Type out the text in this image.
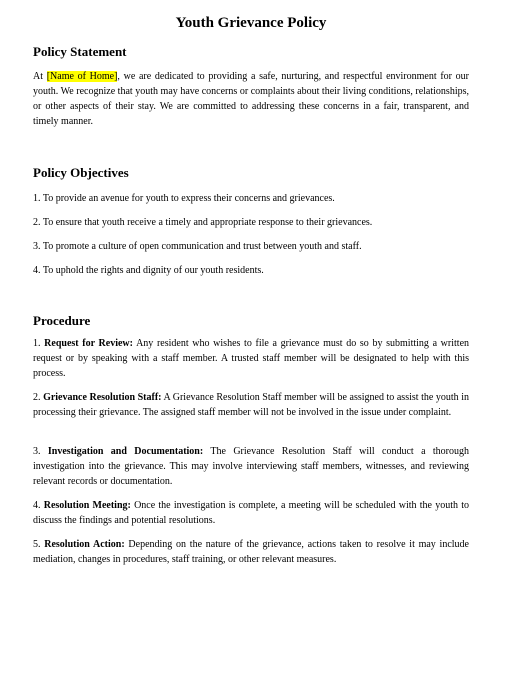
Youth Grievance Policy
Policy Statement

At [Name of Home], we are dedicated to providing a safe, nurturing, and respectful environment for our youth. We recognize that youth may have concerns or complaints about their living conditions, relationships, or other aspects of their stay. We are committed to addressing these concerns in a fair, transparent, and timely manner.

Policy Objectives

1. To provide an avenue for youth to express their concerns and grievances.

2. To ensure that youth receive a timely and appropriate response to their grievances.

3. To promote a culture of open communication and trust between youth and staff.

4. To uphold the rights and dignity of our youth residents.

Procedure

1. Request for Review: Any resident who wishes to file a grievance must do so by submitting a written request or by speaking with a staff member. A trusted staff member will be designated to help with this process.

2. Grievance Resolution Staff: A Grievance Resolution Staff member will be assigned to assist the youth in processing their grievance. The assigned staff member will not be involved in the issue under complaint.

3. Investigation and Documentation: The Grievance Resolution Staff will conduct a thorough investigation into the grievance. This may involve interviewing staff members, witnesses, and reviewing relevant records or documentation.

4. Resolution Meeting: Once the investigation is complete, a meeting will be scheduled with the youth to discuss the findings and potential resolutions.

5. Resolution Action: Depending on the nature of the grievance, actions taken to resolve it may include mediation, changes in procedures, staff training, or other relevant measures.
